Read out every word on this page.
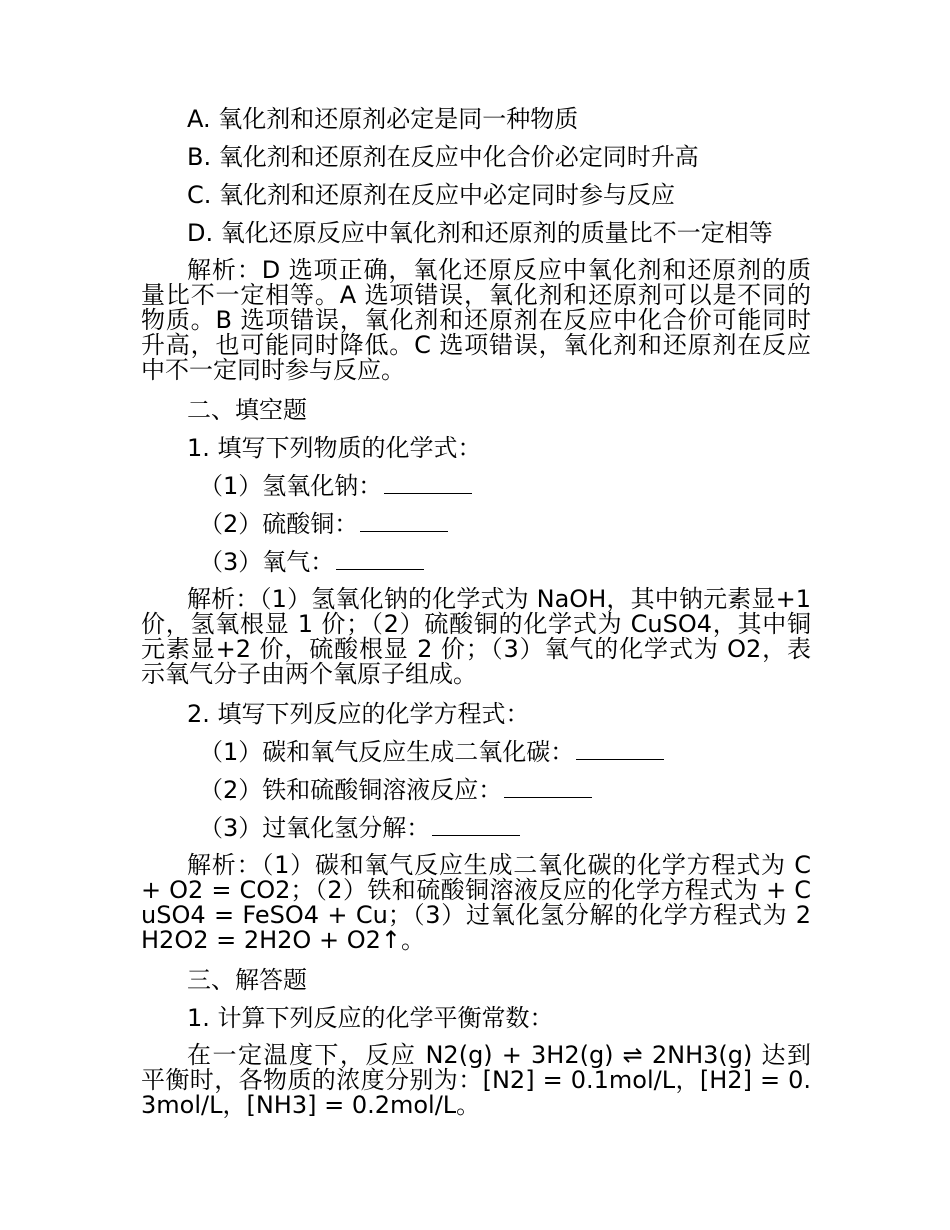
A. 氧化剂和还原剂必定是同一种物质

B. 氧化剂和还原剂在反应中化合价必定同时升高

C. 氧化剂和还原剂在反应中必定同时参与反应

D. 氧化还原反应中氧化剂和还原剂的质量比不一定相等

解析：D 选项正确，氧化还原反应中氧化剂和还原剂的质量比不一定相等。A 选项错误，氧化剂和还原剂可以是不同的物质。B 选项错误，氧化剂和还原剂在反应中化合价可能同时升高，也可能同时降低。C 选项错误，氧化剂和还原剂在反应中不一定同时参与反应。

二、填空题

1. 填写下列物质的化学式：

（1）氢氧化钠：

（2）硫酸铜：

（3）氧气：

解析：（1）氢氧化钠的化学式为 NaOH，其中钠元素显+1 价，氢氧根显 1 价；（2）硫酸铜的化学式为 CuSO4，其中铜元素显+2 价，硫酸根显 2 价；（3）氧气的化学式为 O2，表示氧气分子由两个氧原子组成。

2. 填写下列反应的化学方程式：

（1）碳和氧气反应生成二氧化碳：

（2）铁和硫酸铜溶液反应：

（3）过氧化氢分解：

解析：（1）碳和氧气反应生成二氧化碳的化学方程式为 C + O2 = CO2；（2）铁和硫酸铜溶液反应的化学方程式为 + CuSO4 = FeSO4 + Cu；（3）过氧化氢分解的化学方程式为 2H2O2 = 2H2O + O2↑。

三、解答题

1. 计算下列反应的化学平衡常数：

在一定温度下，反应 N2(g) + 3H2(g) ⇌ 2NH3(g) 达到平衡时，各物质的浓度分别为：[N2] = 0.1mol/L，[H2] = 0.3mol/L，[NH3] = 0.2mol/L。
